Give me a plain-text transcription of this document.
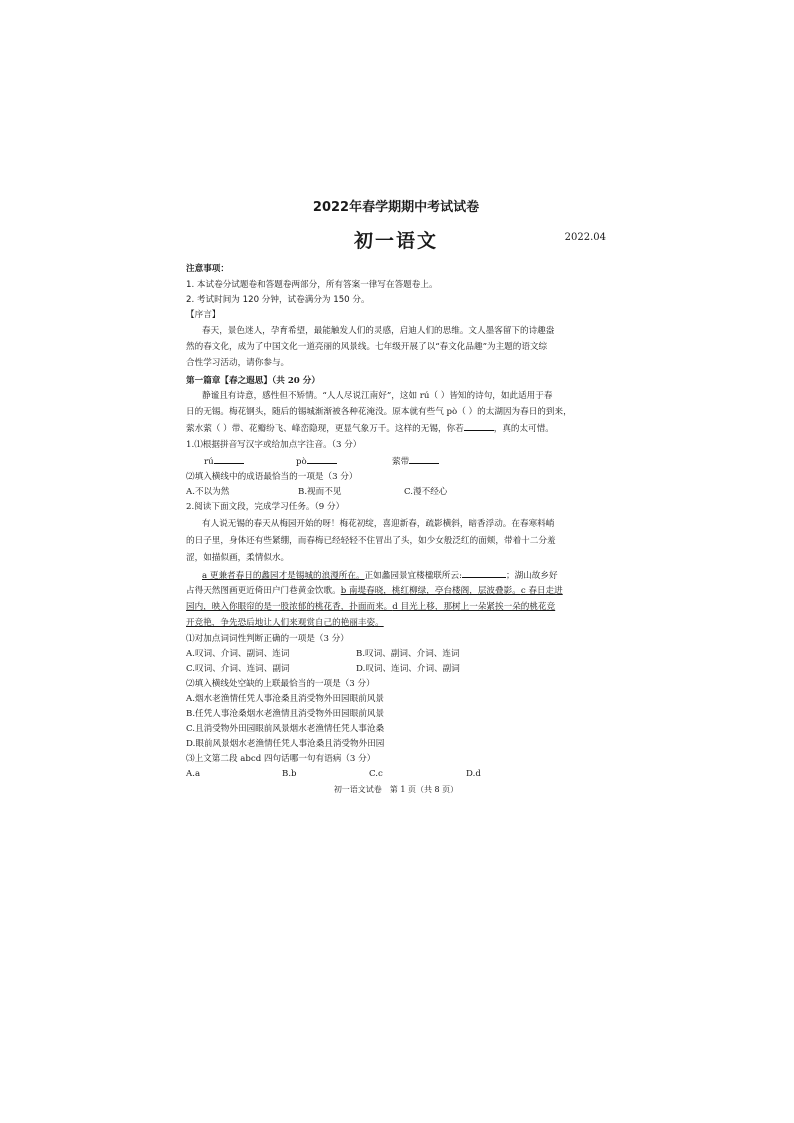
2022年春学期期中考试试卷
初一语文	2022.04
注意事项：
1. 本试卷分试题卷和答题卷两部分，所有答案一律写在答题卷上。
2. 考试时间为 120 分钟，试卷满分为 150 分。
【序言】
春天，景色迷人，孕育希望，最能触发人们的灵感，启迪人们的思维。文人墨客留下的诗趣盎
然的春文化，成为了中国文化一道亮丽的风景线。七年级开展了以“春文化品趣”为主题的语文综
合性学习活动，请你参与。
第一篇章【春之遐思】（共 20 分）
静谧且有诗意，感性但不矫情。“人人尽说江南好”，这如 rú（ ）皆知的诗句，如此适用于春
日的无锡。梅花钢头，随后的锡城渐渐被各种花淹没。原本就有些气 pò（ ）的太湖因为春日的到来，
萦水萦（ ）带、花瓣纷飞、峰峦隐现，更显气象万千。这样的无锡，你若	，真的太可惜。
1.⑴根据拼音写汉字或给加点字注音。（3 分）
rú	pò	萦带
⑵填入横线中的成语最恰当的一项是（3 分）
A.不以为然	B.视而不见	C.漫不经心
2.阅读下面文段，完成学习任务。（9 分）
有人说无锡的春天从梅园开始的呀！梅花初绽，喜迎新春，疏影横斜，暗香浮动。在春寒料峭
的日子里，身体还有些紧绷，而春梅已经轻轻不住冒出了头，如少女般泛红的面颊，带着十二分羞
涩，如描似画，柔情似水。
a 更兼者春日的蠡园才是锡城的浪漫所在。正如蠡园景宜楼楹联所云:	；湖山故乡好
占得天然图画更近倚田户门巷黄金饮歌。b 南堤春晓，桃红柳绿，亭台楼阁，层波叠影。c 春日走进
园内，映入你眼帘的是一股浓郁的桃花香，扑面而来。d 目光上移，那树上一朵紧挨一朵的桃花竞
开竞艳，争先恐后地让人们来观赏自己的艳丽丰姿。
⑴对加点词词性判断正确的一项是（3 分）
A.叹词、介词、副词、连词	B.叹词、副词、介词、连词
C.叹词、介词、连词、副词	D.叹词、连词、介词、副词
⑵填入横线处空缺的上联最恰当的一项是（3 分）
A.烟水老渔情任凭人事沧桑且消受物外田园眼前风景
B.任凭人事沧桑烟水老渔情且消受物外田园眼前风景
C.且消受物外田园眼前风景烟水老渔情任凭人事沧桑
D.眼前风景烟水老渔情任凭人事沧桑且消受物外田园
⑶上文第二段 abcd 四句话哪一句有语病（3 分）
A.a	B.b	C.c	D.d
初一语文试卷　第 1 页（共 8 页）
